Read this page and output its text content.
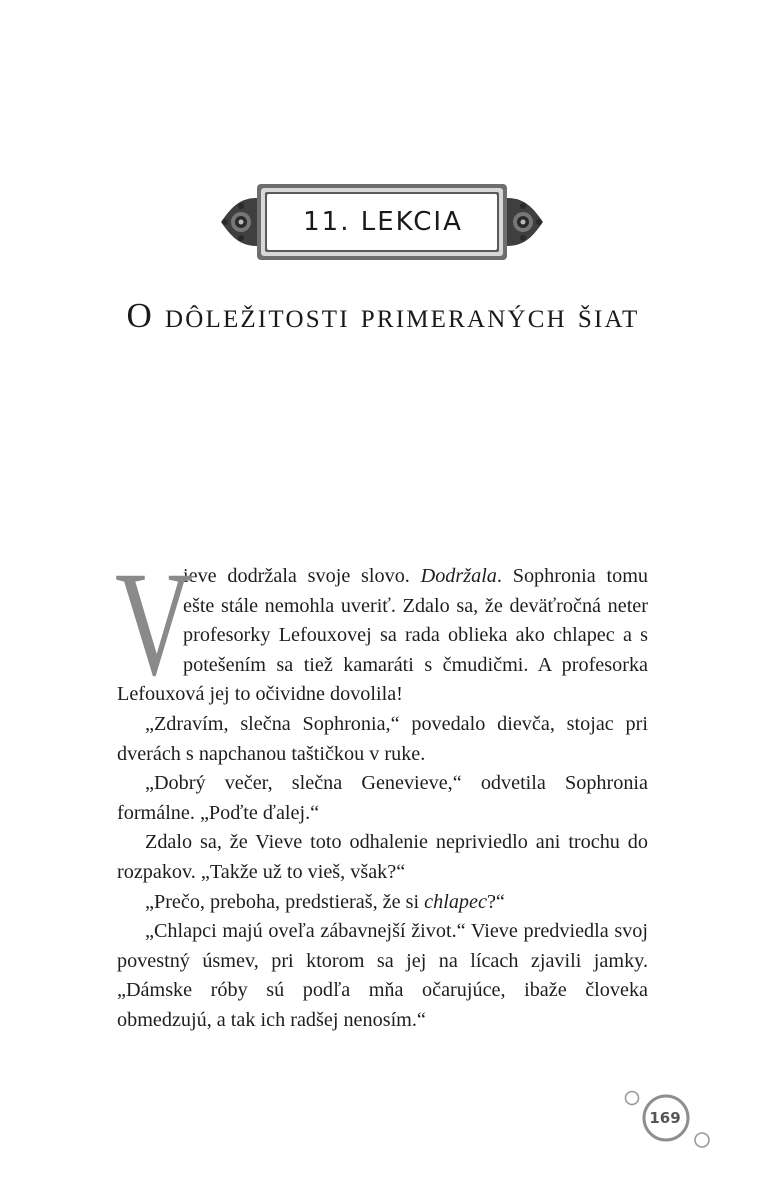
11. LEKCIA
O dôležitosti primeraných šiat

V
ieve dodržala svoje slovo. Dodržala. Sophronia tomu ešte stále nemohla uveriť. Zdalo sa, že deväťročná neter profesorky Lefouxovej sa rada oblieka ako chlapec a s potešením sa tiež kamaráti s čmudičmi. A profesorka Lefouxová jej to očividne dovolila!

„Zdravím, slečna Sophronia,“ povedalo dievča, stojac pri dverách s napchanou taštičkou v ruke.

„Dobrý večer, slečna Genevieve,“ odvetila Sophronia formálne. „Poďte ďalej.“

Zdalo sa, že Vieve toto odhalenie nepriviedlo ani trochu do rozpakov. „Takže už to vieš, však?“

„Prečo, preboha, predstieraš, že si chlapec?“

„Chlapci majú oveľa zábavnejší život.“ Vieve predviedla svoj povestný úsmev, pri ktorom sa jej na lícach zjavili jamky. „Dámske róby sú podľa mňa očarujúce, ibaže človeka obmedzujú, a tak ich radšej nenosím.“

169
